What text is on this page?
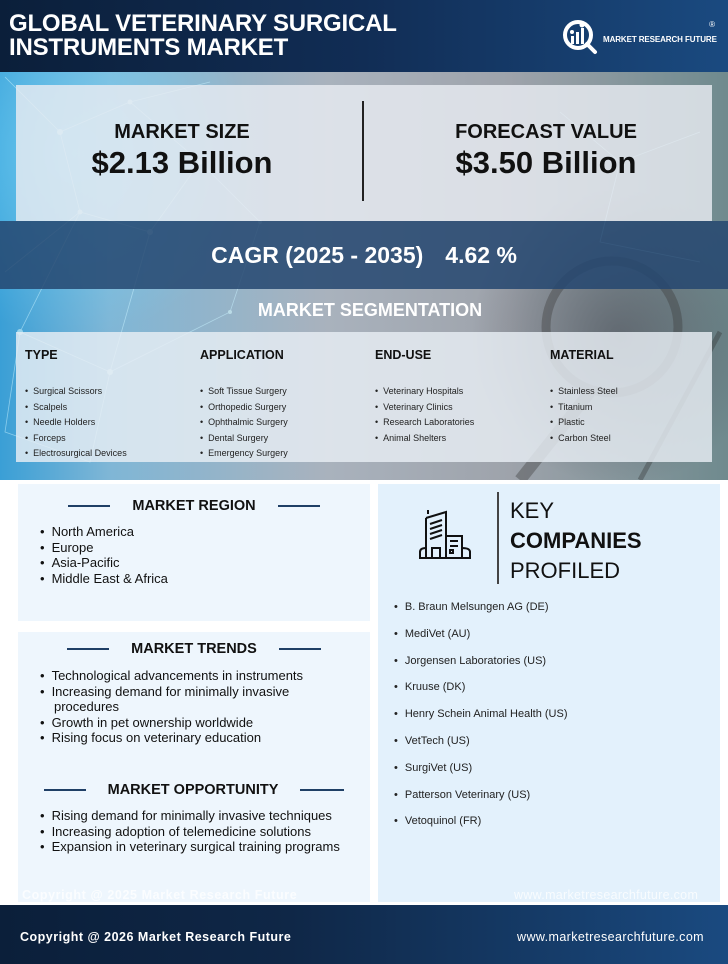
GLOBAL VETERINARY SURGICAL
INSTRUMENTS MARKET	MARKET RESEARCH FUTURE
®
MARKET SIZE
$2.13 Billion
FORECAST VALUE
$3.50 Billion
CAGR (2025 - 2035) 4.62 %
MARKET SEGMENTATION
TYPE
• Surgical Scissors
• Scalpels
• Needle Holders
• Forceps
• Electrosurgical Devices
APPLICATION
• Soft Tissue Surgery
• Orthopedic Surgery
• Ophthalmic Surgery
• Dental Surgery
• Emergency Surgery
END-USE
• Veterinary Hospitals
• Veterinary Clinics
• Research Laboratories
• Animal Shelters
MATERIAL
• Stainless Steel
• Titanium
• Plastic
• Carbon Steel
MARKET REGION
• North America
• Europe
• Asia-Pacific
• Middle East & Africa
MARKET TRENDS
• Technological advancements in instruments
• Increasing demand for minimally invasive
procedures
• Growth in pet ownership worldwide
• Rising focus on veterinary education
MARKET OPPORTUNITY
• Rising demand for minimally invasive techniques
• Increasing adoption of telemedicine solutions
• Expansion in veterinary surgical training programs
KEY
COMPANIES
PROFILED
• B. Braun Melsungen AG (DE)
• MediVet (AU)
• Jorgensen Laboratories (US)
• Kruuse (DK)
• Henry Schein Animal Health (US)
• VetTech (US)
• SurgiVet (US)
• Patterson Veterinary (US)
• Vetoquinol (FR)
Copyright @ 2025 Market Research Future	www.marketresearchfuture.com
Copyright @ 2026 Market Research Future	www.marketresearchfuture.com
